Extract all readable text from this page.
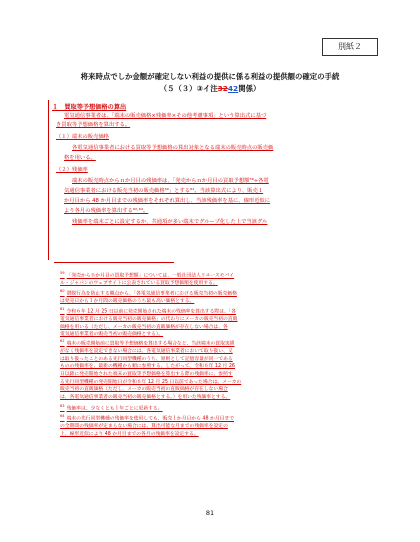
別紙２
将来時点でしか金額が確定しない利益の提供に係る利益の提供額の確定の手続
（５（３）③イ注3242関係）
１　買取等予想価格の算出
電気通信事業者は、「端末の販売価格×残価率×その他考慮事項」という算出式に基づ
き買取等予想価格を算出する。
（１）端末の販売価格
各電気通信事業者における買取等予想価格の算出対象となる端末の販売時点の販売価
格を用いる。
（２）残価率
端末の販売時点からｎか月目の残価率は、「発売からｎか月目の買取予想額⁵⁹÷各電
気通信事業者における販売当初の販売価格⁶⁰」とする⁶¹。当該算出式により、販売１
か月目から 48 か月目までの残価率をそれぞれ算出し、当該残価率を基に、線形近似に
より各月の残価率を算出する⁶²˒⁶⁴。
残価率を端末ごとに設定するか、共通項が多い端末でグループ化した上で当該グル
$^{59}$「発売からｎか月目の買取予想額」については、一般社団法人リユースモバイ
ル・ジャパンのウェブサイトに公表されている買取予想価額を使用する。
$^{60}$潜脱行為を防止する観点から、「各電気通信事業者における販売当初の販売価格
は発売日から１か月間の販売価格のうち最も高い価格とする。
$^{61}$令和６年 12 月 25 日以前に発売開始された端末の残価率を算出する際は、「各
電気通信事業者における販売当初の販売価格」の代わりにメーカの販売当初の直販
価格を用いる（ただし、メーカの販売当初の直販価格が存在しない場合は、各
電気通信事業者の販売当初の販売価格とする）。
$^{62}$端末の販売開始前に買取等予想価格を算出する場合など、当該端末の買取実績
がなく残価率を設定できない場合には、各電気通信事業者において取り扱い、又
は取り扱ったことのある先行同型機種のうち、原則として記憶容量が同一である
ものの残価率を、最新の機種から順に参照する。したがって、令和６年 12 月 26
日以降に発売開始された端末の買取等予想価格を算出する際の残価率に、参照す
る先行同型機種の発売開始日が令和６年 12 月 25 日以前であった場合は、メーカの
販売当初の直販価格（ただし、メーカの販売当初の直販価格が存在しない場合
は、各電気通信事業者の販売当初の販売価格とする。）を用いた残価率とする。
$^{63}$残価率は、少なくとも１年ごとに更新する。
$^{64}$端末の先行同型機種の残価率を使用しても、販売１か月目から 48 か月目まで
の全期間の残価率が定まらない場合には、算出可能な月までの残価率を設定の
上、線形近似により 48 か月目までの各月の残価率を設定する。
81
